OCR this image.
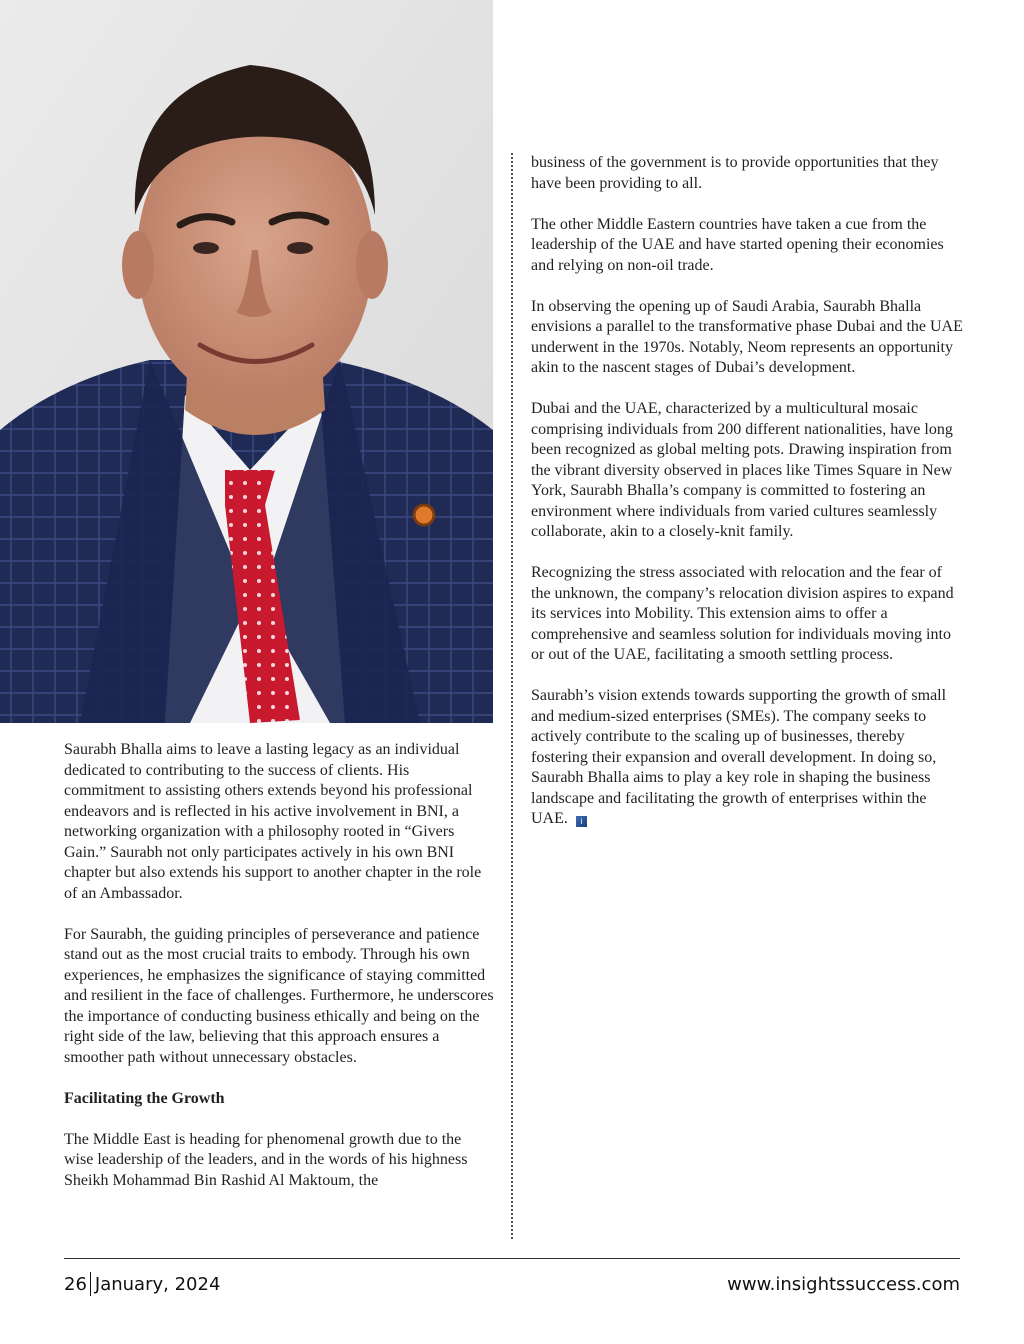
Saurabh Bhalla aims to leave a lasting legacy as an individual dedicated to contributing to the success of clients. His commitment to assisting others extends beyond his professional endeavors and is reflected in his active involvement in BNI, a networking organization with a philosophy rooted in “Givers Gain.” Saurabh not only participates actively in his own BNI chapter but also extends his support to another chapter in the role of an Ambassador.

For Saurabh, the guiding principles of perseverance and patience stand out as the most crucial traits to embody. Through his own experiences, he emphasizes the significance of staying committed and resilient in the face of challenges. Furthermore, he underscores the importance of conducting business ethically and being on the right side of the law, believing that this approach ensures a smoother path without unnecessary obstacles.

Facilitating the Growth

The Middle East is heading for phenomenal growth due to the wise leadership of the leaders, and in the words of his highness Sheikh Mohammad Bin Rashid Al Maktoum, the

business of the government is to provide opportunities that they have been providing to all.

The other Middle Eastern countries have taken a cue from the leadership of the UAE and have started opening their economies and relying on non-oil trade.

In observing the opening up of Saudi Arabia, Saurabh Bhalla envisions a parallel to the transformative phase Dubai and the UAE underwent in the 1970s. Notably, Neom represents an opportunity akin to the nascent stages of Dubai’s development.

Dubai and the UAE, characterized by a multicultural mosaic comprising individuals from 200 different nationalities, have long been recognized as global melting pots. Drawing inspiration from the vibrant diversity observed in places like Times Square in New York, Saurabh Bhalla’s company is committed to fostering an environment where individuals from varied cultures seamlessly collaborate, akin to a closely-knit family.

Recognizing the stress associated with relocation and the fear of the unknown, the company’s relocation division aspires to expand its services into Mobility. This extension aims to offer a comprehensive and seamless solution for individuals moving into or out of the UAE, facilitating a smooth settling process.

Saurabh’s vision extends towards supporting the growth of small and medium-sized enterprises (SMEs). The company seeks to actively contribute to the scaling up of businesses, thereby fostering their expansion and overall development. In doing so, Saurabh Bhalla aims to play a key role in shaping the business landscape and facilitating the growth of enterprises within the UAE. i

26 January, 2024	www.insightssuccess.com
